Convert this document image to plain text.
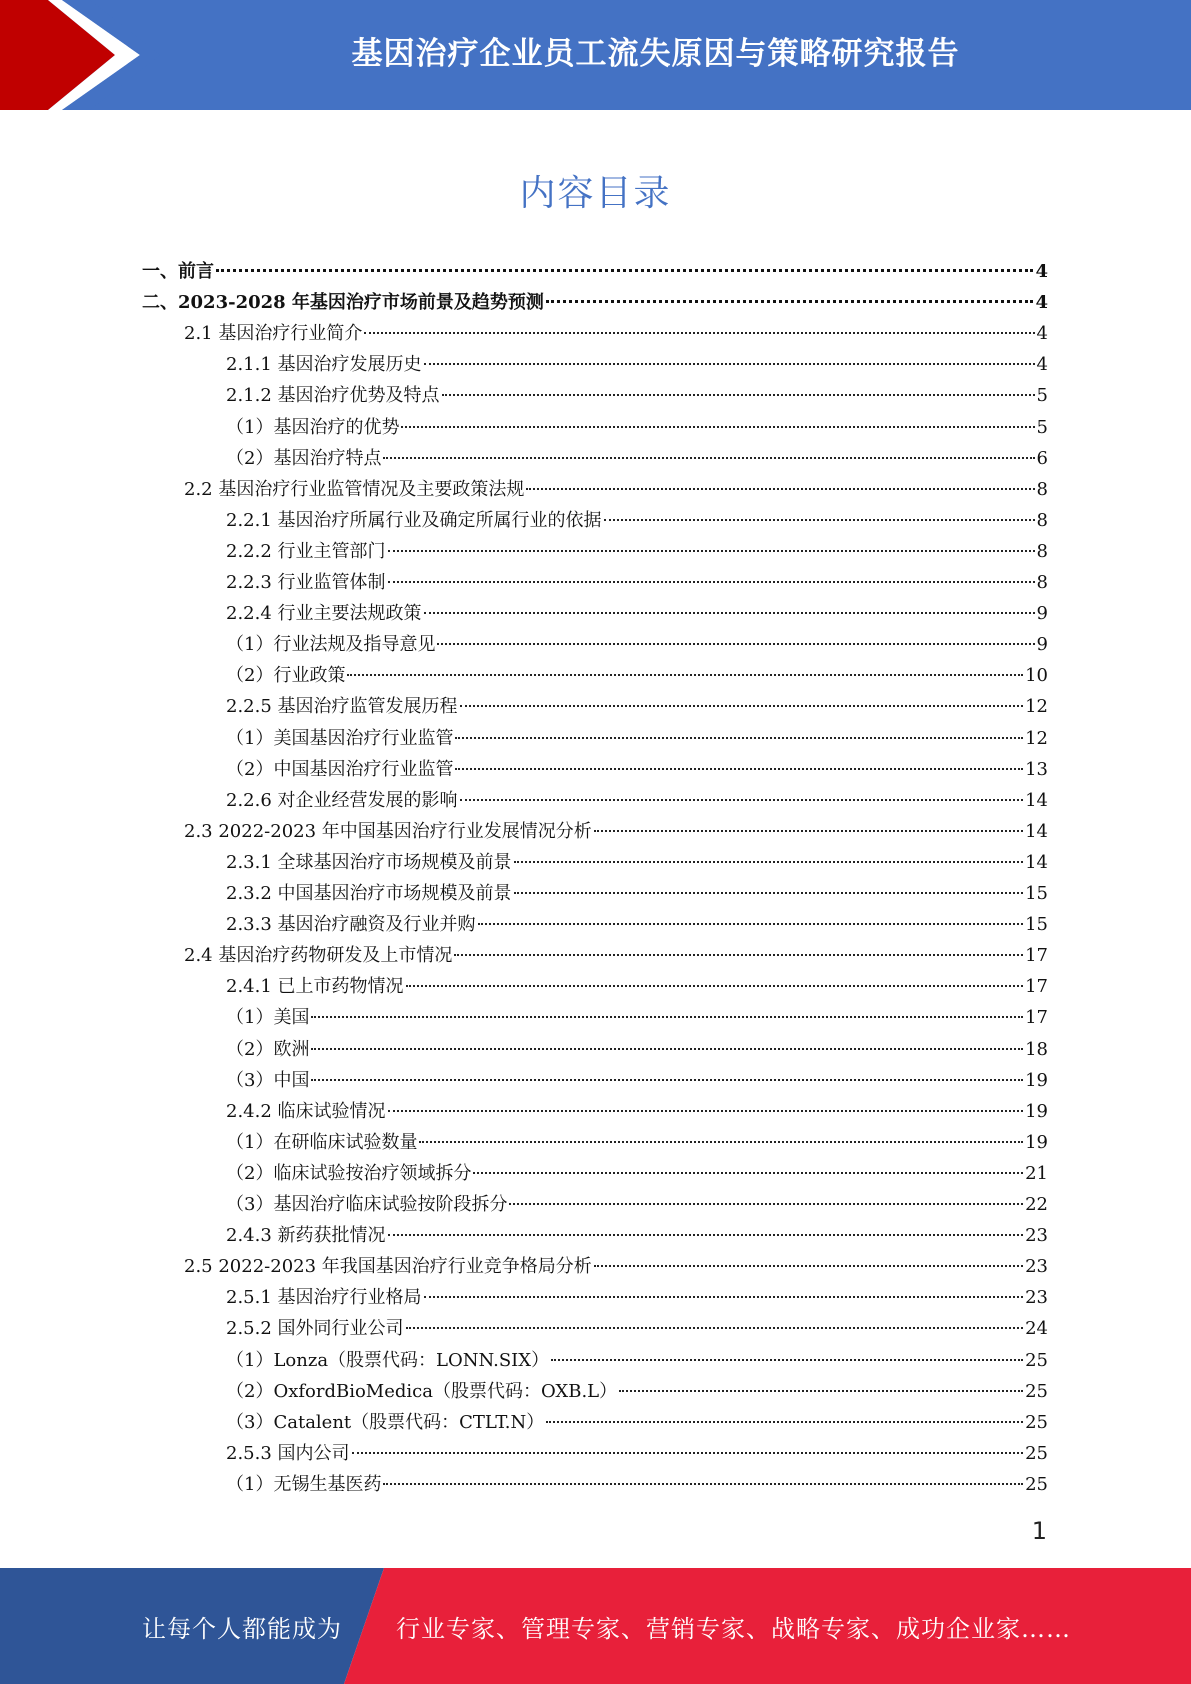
基因治疗企业员工流失原因与策略研究报告
内容目录
一、前言	4
二、2023-2028 年基因治疗市场前景及趋势预测	4
2.1 基因治疗行业简介	4
2.1.1 基因治疗发展历史	4
2.1.2 基因治疗优势及特点	5
（1）基因治疗的优势	5
（2）基因治疗特点	6
2.2 基因治疗行业监管情况及主要政策法规	8
2.2.1 基因治疗所属行业及确定所属行业的依据	8
2.2.2 行业主管部门	8
2.2.3 行业监管体制	8
2.2.4 行业主要法规政策	9
（1）行业法规及指导意见	9
（2）行业政策	10
2.2.5 基因治疗监管发展历程	12
（1）美国基因治疗行业监管	12
（2）中国基因治疗行业监管	13
2.2.6 对企业经营发展的影响	14
2.3 2022-2023 年中国基因治疗行业发展情况分析	14
2.3.1 全球基因治疗市场规模及前景	14
2.3.2 中国基因治疗市场规模及前景	15
2.3.3 基因治疗融资及行业并购	15
2.4 基因治疗药物研发及上市情况	17
2.4.1 已上市药物情况	17
（1）美国	17
（2）欧洲	18
（3）中国	19
2.4.2 临床试验情况	19
（1）在研临床试验数量	19
（2）临床试验按治疗领域拆分	21
（3）基因治疗临床试验按阶段拆分	22
2.4.3 新药获批情况	23
2.5 2022-2023 年我国基因治疗行业竞争格局分析	23
2.5.1 基因治疗行业格局	23
2.5.2 国外同行业公司	24
（1）Lonza（股票代码：LONN.SIX）	25
（2）OxfordBioMedica（股票代码：OXB.L）	25
（3）Catalent（股票代码：CTLT.N）	25
2.5.3 国内公司	25
（1）无锡生基医药	25
1
让每个人都能成为 行业专家、管理专家、营销专家、战略专家、成功企业家……
